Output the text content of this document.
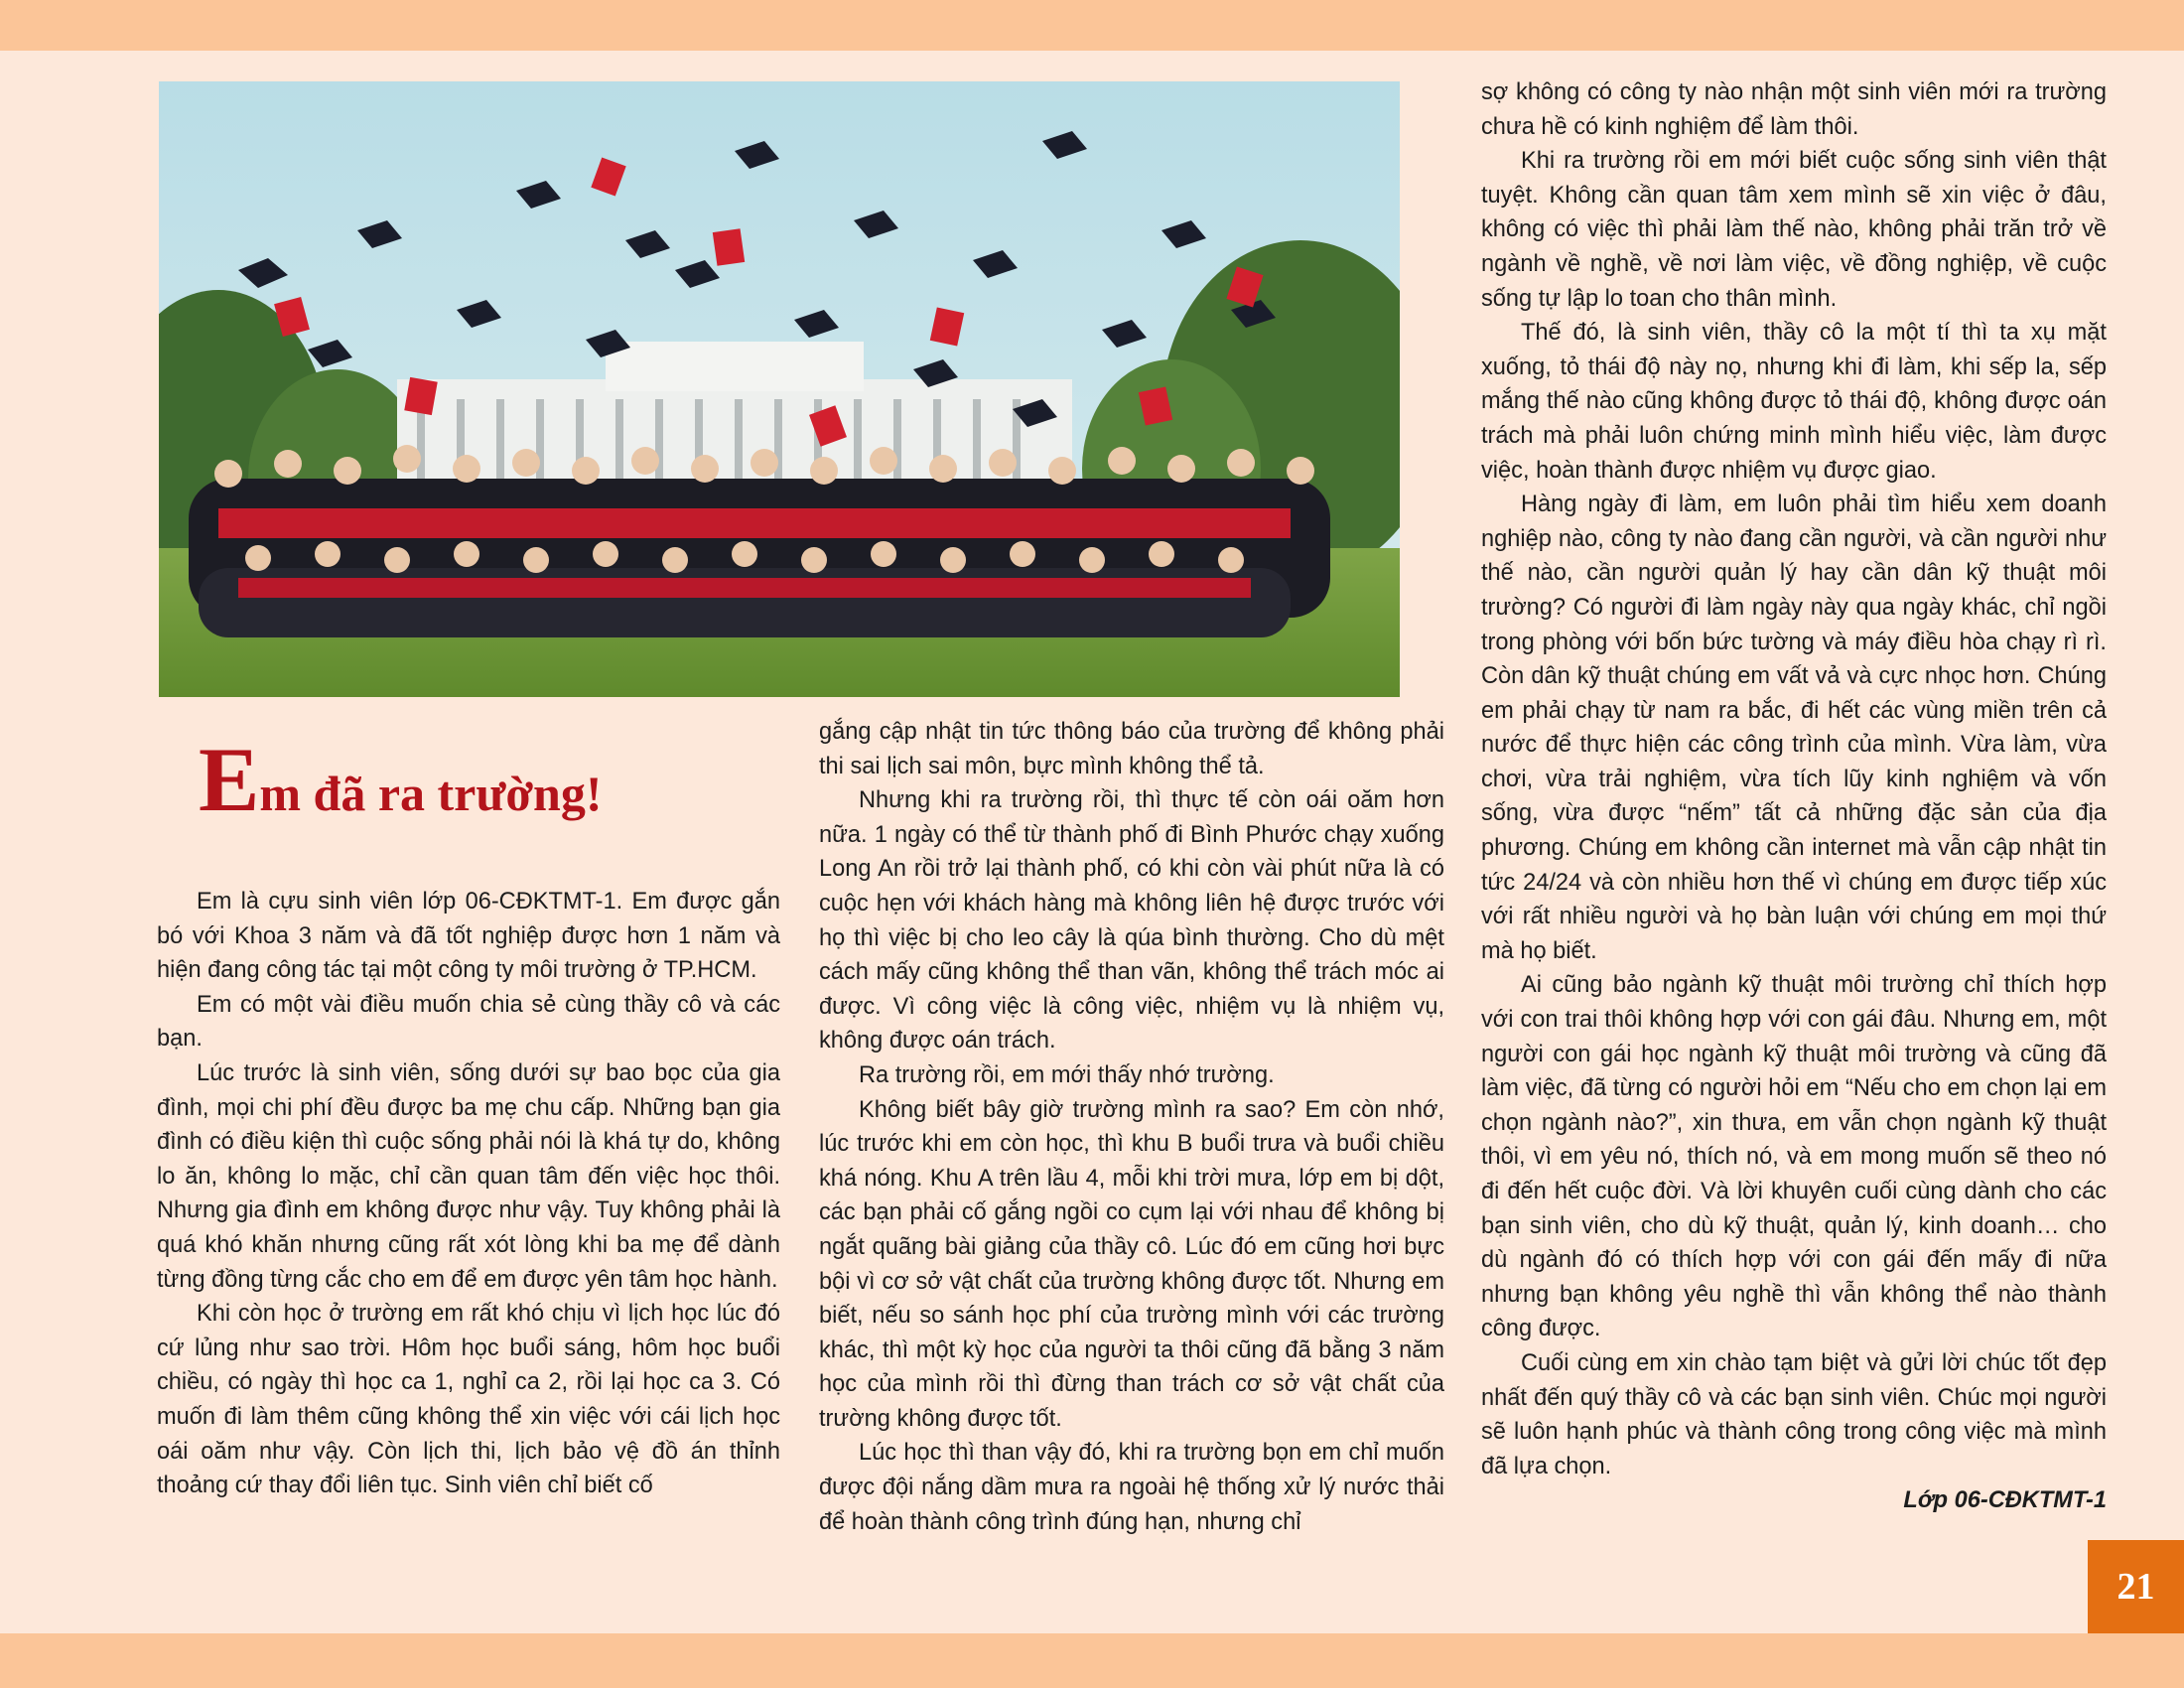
Em đã ra trường!

Em là cựu sinh viên lớp 06-CĐKTMT-1. Em được gắn bó với Khoa 3 năm và đã tốt nghiệp được hơn 1 năm và hiện đang công tác tại một công ty môi trường ở TP.HCM.

Em có một vài điều muốn chia sẻ cùng thầy cô và các bạn.

Lúc trước là sinh viên, sống dưới sự bao bọc của gia đình, mọi chi phí đều được ba mẹ chu cấp. Những bạn gia đình có điều kiện thì cuộc sống phải nói là khá tự do, không lo ăn, không lo mặc, chỉ cần quan tâm đến việc học thôi. Nhưng gia đình em không được như vậy. Tuy không phải là quá khó khăn nhưng cũng rất xót lòng khi ba mẹ để dành từng đồng từng cắc cho em để em được yên tâm học hành.

Khi còn học ở trường em rất khó chịu vì lịch học lúc đó cứ lủng như sao trời. Hôm học buổi sáng, hôm học buổi chiều, có ngày thì học ca 1, nghỉ ca 2, rồi lại học ca 3. Có muốn đi làm thêm cũng không thể xin việc với cái lịch học oái oăm như vậy. Còn lịch thi, lịch bảo vệ đồ án thỉnh thoảng cứ thay đổi liên tục. Sinh viên chỉ biết cố

gắng cập nhật tin tức thông báo của trường để không phải thi sai lịch sai môn, bực mình không thể tả.

Nhưng khi ra trường rồi, thì thực tế còn oái oăm hơn nữa. 1 ngày có thể từ thành phố đi Bình Phước chạy xuống Long An rồi trở lại thành phố, có khi còn vài phút nữa là có cuộc hẹn với khách hàng mà không liên hệ được trước với họ thì việc bị cho leo cây là qúa bình thường. Cho dù mệt cách mấy cũng không thể than vãn, không thể trách móc ai được. Vì công việc là công việc, nhiệm vụ là nhiệm vụ, không được oán trách.

Ra trường rồi, em mới thấy nhớ trường.

Không biết bây giờ trường mình ra sao? Em còn nhớ, lúc trước khi em còn học, thì khu B buổi trưa và buổi chiều khá nóng. Khu A trên lầu 4, mỗi khi trời mưa, lớp em bị dột, các bạn phải cố gắng ngồi co cụm lại với nhau để không bị ngắt quãng bài giảng của thầy cô. Lúc đó em cũng hơi bực bội vì cơ sở vật chất của trường không được tốt. Nhưng em biết, nếu so sánh học phí của trường mình với các trường khác, thì một kỳ học của người ta thôi cũng đã bằng 3 năm học của mình rồi thì đừng than trách cơ sở vật chất của trường không được tốt.

Lúc học thì than vậy đó, khi ra trường bọn em chỉ muốn được đội nắng dầm mưa ra ngoài hệ thống xử lý nước thải để hoàn thành công trình đúng hạn, nhưng chỉ

sợ không có công ty nào nhận một sinh viên mới ra trường chưa hề có kinh nghiệm để làm thôi.

Khi ra trường rồi em mới biết cuộc sống sinh viên thật tuyệt. Không cần quan tâm xem mình sẽ xin việc ở đâu, không có việc thì phải làm thế nào, không phải trăn trở về ngành về nghề, về nơi làm việc, về đồng nghiệp, về cuộc sống tự lập lo toan cho thân mình.

Thế đó, là sinh viên, thầy cô la một tí thì ta xụ mặt xuống, tỏ thái độ này nọ, nhưng khi đi làm, khi sếp la, sếp mắng thế nào cũng không được tỏ thái độ, không được oán trách mà phải luôn chứng minh mình hiểu việc, làm được việc, hoàn thành được nhiệm vụ được giao.

Hàng ngày đi làm, em luôn phải tìm hiểu xem doanh nghiệp nào, công ty nào đang cần người, và cần người như thế nào, cần người quản lý hay cần dân kỹ thuật môi trường? Có người đi làm ngày này qua ngày khác, chỉ ngồi trong phòng với bốn bức tường và máy điều hòa chạy rì rì. Còn dân kỹ thuật chúng em vất vả và cực nhọc hơn. Chúng em phải chạy từ nam ra bắc, đi hết các vùng miền trên cả nước để thực hiện các công trình của mình. Vừa làm, vừa chơi, vừa trải nghiệm, vừa tích lũy kinh nghiệm và vốn sống, vừa được “nếm” tất cả những đặc sản của địa phương. Chúng em không cần internet mà vẫn cập nhật tin tức 24/24 và còn nhiều hơn thế vì chúng em được tiếp xúc với rất nhiều người và họ bàn luận với chúng em mọi thứ mà họ biết.

Ai cũng bảo ngành kỹ thuật môi trường chỉ thích hợp với con trai thôi không hợp với con gái đâu. Nhưng em, một người con gái học ngành kỹ thuật môi trường và cũng đã làm việc, đã từng có người hỏi em “Nếu cho em chọn lại em chọn ngành nào?”, xin thưa, em vẫn chọn ngành kỹ thuật thôi, vì em yêu nó, thích nó, và em mong muốn sẽ theo nó đi đến hết cuộc đời. Và lời khuyên cuối cùng dành cho các bạn sinh viên, cho dù kỹ thuật, quản lý, kinh doanh… cho dù ngành đó có thích hợp với con gái đến mấy đi nữa nhưng bạn không yêu nghề thì vẫn không thể nào thành công được.

Cuối cùng em xin chào tạm biệt và gửi lời chúc tốt đẹp nhất đến quý thầy cô và các bạn sinh viên. Chúc mọi người sẽ luôn hạnh phúc và thành công trong công việc mà mình đã lựa chọn.

Lớp 06-CĐKTMT-1
21
